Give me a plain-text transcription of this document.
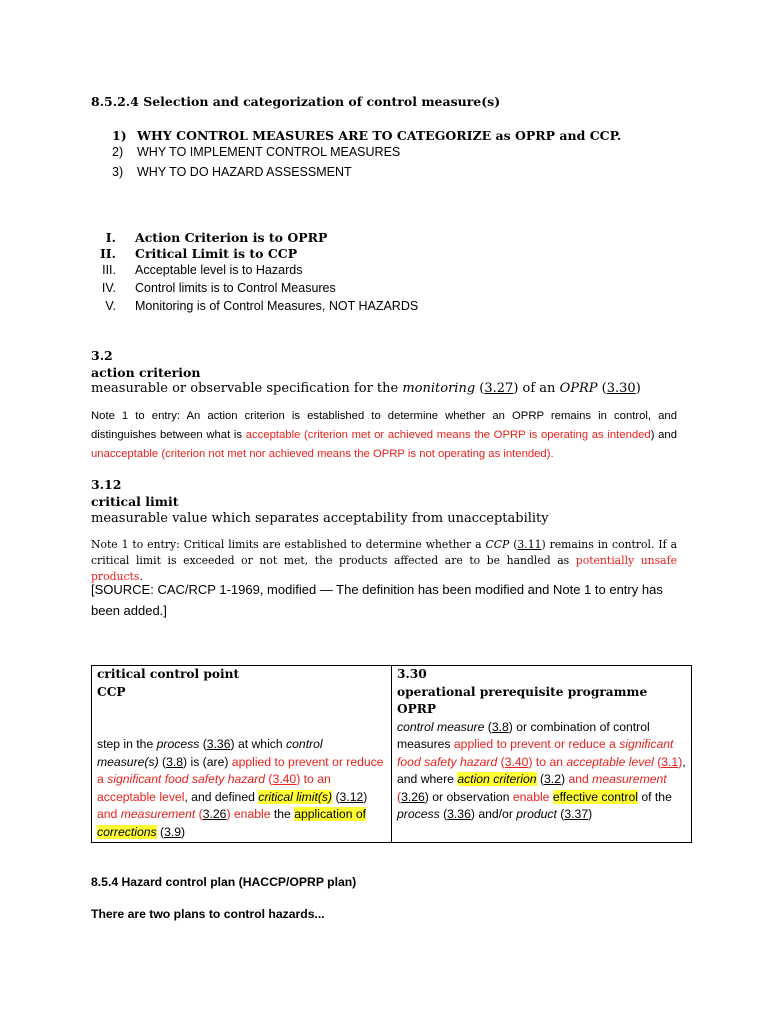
8.5.2.4 Selection and categorization of control measure(s)
1) WHY CONTROL MEASURES ARE TO CATEGORIZE as OPRP and CCP.
2) WHY TO IMPLEMENT CONTROL MEASURES
3) WHY TO DO HAZARD ASSESSMENT
I. Action Criterion is to OPRP
II. Critical Limit is to CCP
III. Acceptable level is to Hazards
IV. Control limits is to Control Measures
V. Monitoring is of Control Measures, NOT HAZARDS
3.2
action criterion
measurable or observable specification for the monitoring (3.27) of an OPRP (3.30)
Note 1 to entry: An action criterion is established to determine whether an OPRP remains in control, and distinguishes between what is acceptable (criterion met or achieved means the OPRP is operating as intended) and unacceptable (criterion not met nor achieved means the OPRP is not operating as intended).
3.12
critical limit
measurable value which separates acceptability from unacceptability
Note 1 to entry: Critical limits are established to determine whether a CCP (3.11) remains in control. If a critical limit is exceeded or not met, the products affected are to be handled as potentially unsafe products.
[SOURCE: CAC/RCP 1-1969, modified — The definition has been modified and Note 1 to entry has been added.]
critical control point
CCP
step in the process (3.36) at which control measure(s) (3.8) is (are) applied to prevent or reduce a significant food safety hazard (3.40) to an acceptable level, and defined critical limit(s) (3.12) and measurement (3.26) enable the application of corrections (3.9)

3.30
operational prerequisite programme
OPRP
control measure (3.8) or combination of control measures applied to prevent or reduce a significant food safety hazard (3.40) to an acceptable level (3.1), and where action criterion (3.2) and measurement (3.26) or observation enable effective control of the process (3.36) and/or product (3.37)
8.5.4 Hazard control plan (HACCP/OPRP plan)
There are two plans to control hazards...
